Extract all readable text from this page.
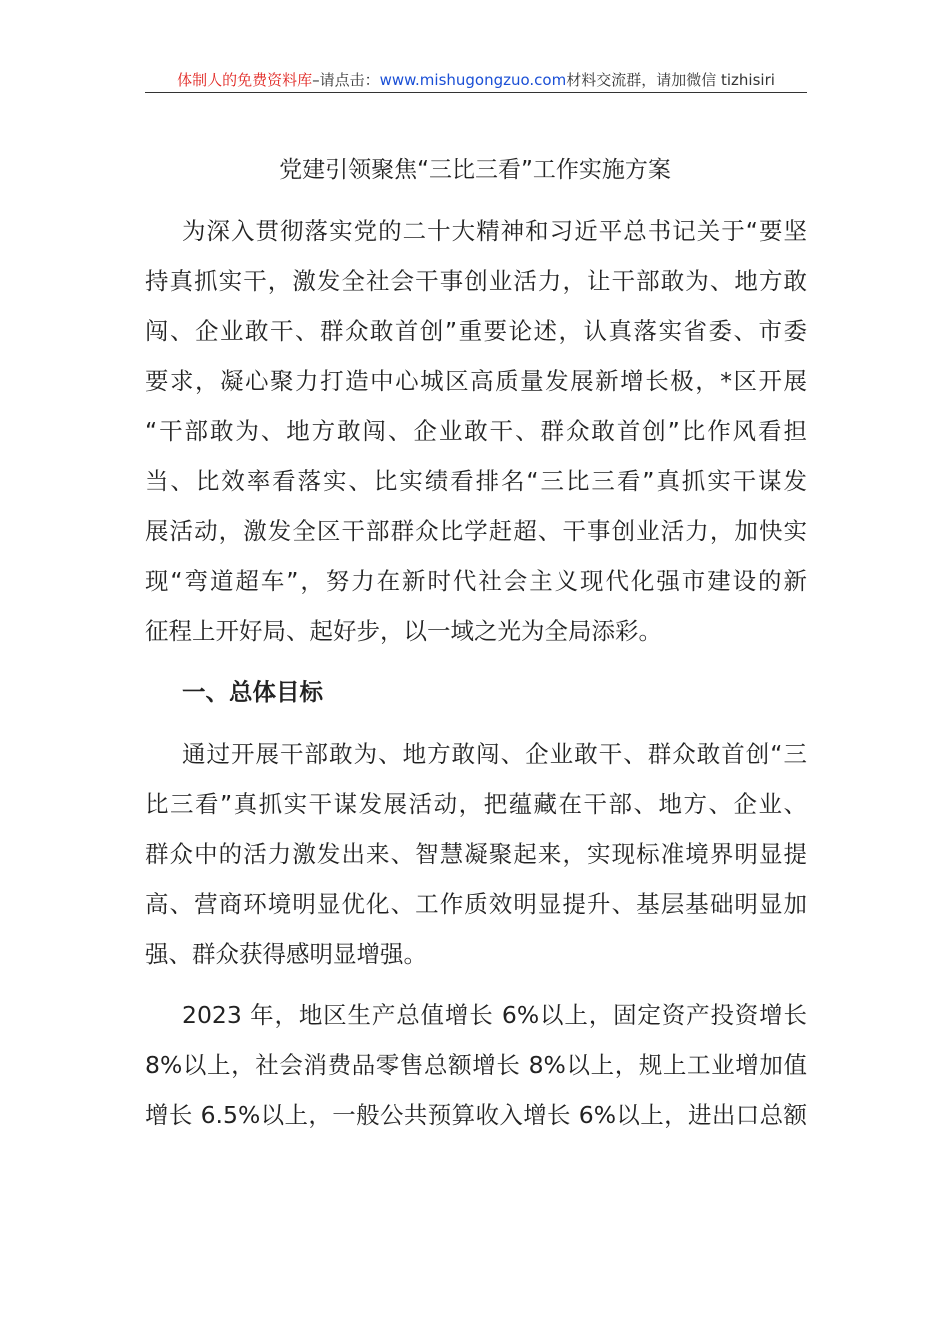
体制人的免费资料库–请点击：www.mishugongzuo.com材料交流群，请加微信 tizhisiri
党建引领聚焦“三比三看”工作实施方案
为深入贯彻落实党的二十大精神和习近平总书记关于“要坚
持真抓实干，激发全社会干事创业活力，让干部敢为、地方敢
闯、企业敢干、群众敢首创”重要论述，认真落实省委、市委
要求，凝心聚力打造中心城区高质量发展新增长极，*区开展
“干部敢为、地方敢闯、企业敢干、群众敢首创”比作风看担
当、比效率看落实、比实绩看排名“三比三看”真抓实干谋发
展活动，激发全区干部群众比学赶超、干事创业活力，加快实
现“弯道超车”，努力在新时代社会主义现代化强市建设的新
征程上开好局、起好步，以一域之光为全局添彩。
一、总体目标
通过开展干部敢为、地方敢闯、企业敢干、群众敢首创“三
比三看”真抓实干谋发展活动，把蕴藏在干部、地方、企业、
群众中的活力激发出来、智慧凝聚起来，实现标准境界明显提
高、营商环境明显优化、工作质效明显提升、基层基础明显加
强、群众获得感明显增强。
2023 年，地区生产总值增长 6%以上，固定资产投资增长
8%以上，社会消费品零售总额增长 8%以上，规上工业增加值
增长 6.5%以上，一般公共预算收入增长 6%以上，进出口总额
